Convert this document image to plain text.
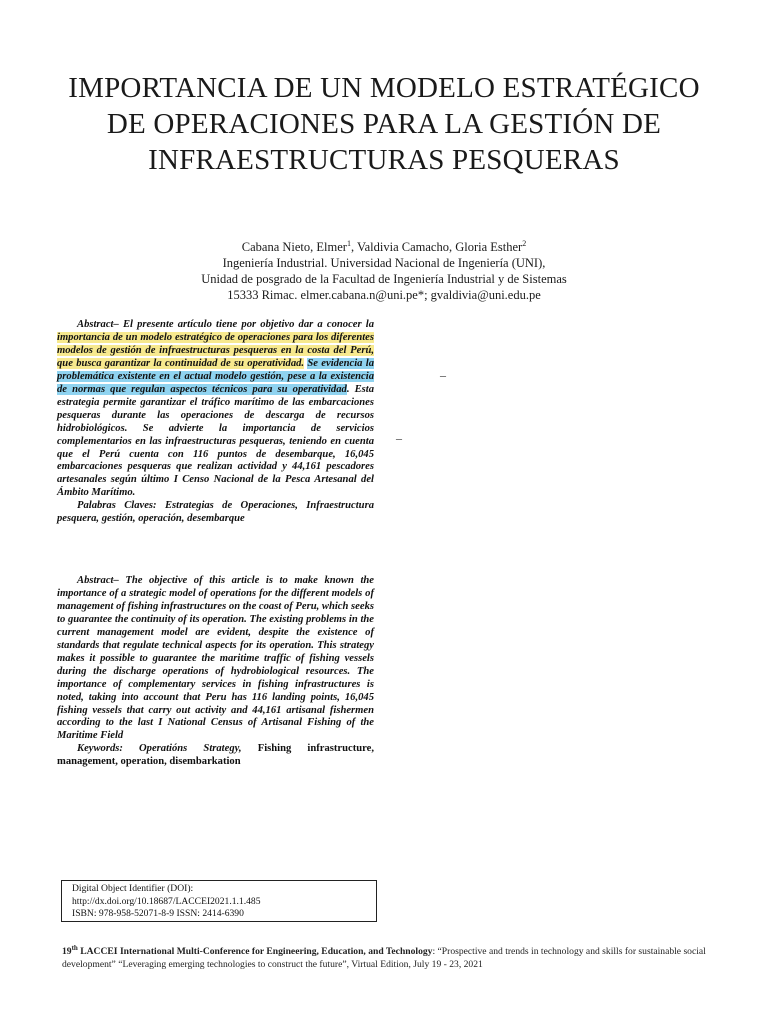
IMPORTANCIA DE UN MODELO ESTRATÉGICO DE OPERACIONES PARA LA GESTIÓN DE INFRAESTRUCTURAS PESQUERAS
Cabana Nieto, Elmer$^1$, Valdivia Camacho, Gloria Esther$^2$
Ingeniería Industrial. Universidad Nacional de Ingeniería (UNI),
Unidad de posgrado de la Facultad de Ingeniería Industrial y de Sistemas
15333 Rimac. elmer.cabana.n@uni.pe*; gvaldivia@uni.edu.pe

Abstract– El presente artículo tiene por objetivo dar a conocer la importancia de un modelo estratégico de operaciones para los diferentes modelos de gestión de infraestructuras pesqueras en la costa del Perú, que busca garantizar la continuidad de su operatividad. Se evidencia la problemática existente en el actual modelo gestión, pese a la existencia de normas que regulan aspectos técnicos para su operatividad. Esta estrategia permite garantizar el tráfico marítimo de las embarcaciones pesqueras durante las operaciones de descarga de recursos hidrobiológicos. Se advierte la importancia de servicios complementarios en las infraestructuras pesqueras, teniendo en cuenta que el Perú cuenta con 116 puntos de desembarque, 16,045 embarcaciones pesqueras que realizan actividad y 44,161 pescadores artesanales según último I Censo Nacional de la Pesca Artesanal del Ámbito Marítimo.

Palabras Claves: Estrategias de Operaciones, Infraestructura pesquera, gestión, operación, desembarque

Abstract– The objective of this article is to make known the importance of a strategic model of operations for the different models of management of fishing infrastructures on the coast of Peru, which seeks to guarantee the continuity of its operation. The existing problems in the current management model are evident, despite the existence of standards that regulate technical aspects for its operation. This strategy makes it possible to guarantee the maritime traffic of fishing vessels during the discharge operations of hydrobiological resources. The importance of complementary services in fishing infrastructures is noted, taking into account that Peru has 116 landing points, 16,045 fishing vessels that carry out activity and 44,161 artisanal fishermen according to the last I National Census of Artisanal Fishing of the Maritime Field

Keywords: Operatións Strategy, Fishing infrastructure, management, operation, disembarkation

–
–
Digital Object Identifier (DOI):
http://dx.doi.org/10.18687/LACCEI2021.1.1.485
ISBN: 978-958-52071-8-9 ISSN: 2414-6390
19th LACCEI International Multi-Conference for Engineering, Education, and Technology: “Prospective and trends in technology and skills for sustainable social development” “Leveraging emerging technologies to construct the future”, Virtual Edition, July 19 - 23, 2021
